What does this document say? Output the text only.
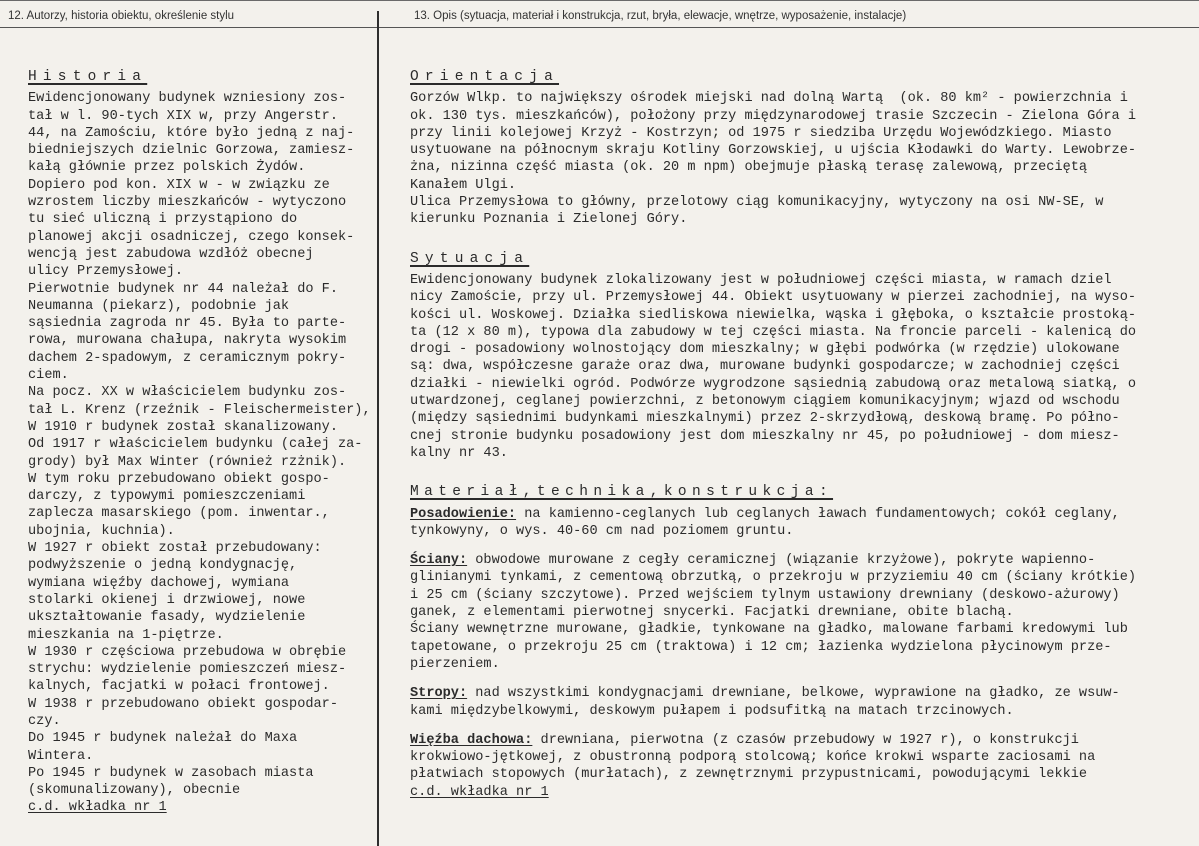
12. Autorzy, historia obiektu, określenie stylu	13. Opis (sytuacja, materiał i konstrukcja, rzut, bryła, elewacje, wnętrze, wyposażenie, instalacje)
Historia
Ewidencjonowany budynek wzniesiony zos-
tał w l. 90-tych XIX w, przy Angerstr.
44, na Zamościu, które było jedną z naj-
biedniejszych dzielnic Gorzowa, zamiesz-
kałą głównie przez polskich Żydów.
Dopiero pod kon. XIX w - w związku ze
wzrostem liczby mieszkańców - wytyczono
tu sieć uliczną i przystąpiono do
planowej akcji osadniczej, czego konsek-
wencją jest zabudowa wzdłóż obecnej
ulicy Przemysłowej.
Pierwotnie budynek nr 44 należał do F.
Neumanna (piekarz), podobnie jak
sąsiednia zagroda nr 45. Była to parte-
rowa, murowana chałupa, nakryta wysokim
dachem 2-spadowym, z ceramicznym pokry-
ciem.
Na pocz. XX w właścicielem budynku zos-
tał L. Krenz (rzeźnik - Fleischermeister),
W 1910 r budynek został skanalizowany.
Od 1917 r właścicielem budynku (całej za-
grody) był Max Winter (również rzżnik).
W tym roku przebudowano obiekt gospo-
darczy, z typowymi pomieszczeniami
zaplecza masarskiego (pom. inwentar.,
ubojnia, kuchnia).
W 1927 r obiekt został przebudowany:
podwyższenie o jedną kondygnację,
wymiana więźby dachowej, wymiana
stolarki okienej i drzwiowej, nowe
ukształtowanie fasady, wydzielenie
mieszkania na 1-piętrze.
W 1930 r częściowa przebudowa w obrębie
strychu: wydzielenie pomieszczeń miesz-
kalnych, facjatki w połaci frontowej.
W 1938 r przebudowano obiekt gospodar-
czy.
Do 1945 r budynek należał do Maxa
Wintera.
Po 1945 r budynek w zasobach miasta
(skomunalizowany), obecnie
c.d. wkładka nr 1
Orientacja
Gorzów Wlkp. to największy ośrodek miejski nad dolną Wartą  (ok. 80 km² - powierzchnia i
ok. 130 tys. mieszkańców), położony przy międzynarodowej trasie Szczecin - Zielona Góra i
przy linii kolejowej Krzyż - Kostrzyn; od 1975 r siedziba Urzędu Wojewódzkiego. Miasto
usytuowane na północnym skraju Kotliny Gorzowskiej, u ujścia Kłodawki do Warty. Lewobrze-
żna, nizinna część miasta (ok. 20 m npm) obejmuje płaską terasę zalewową, przeciętą
Kanałem Ulgi.
Ulica Przemysłowa to główny, przelotowy ciąg komunikacyjny, wytyczony na osi NW-SE, w
kierunku Poznania i Zielonej Góry.
Sytuacja
Ewidencjonowany budynek zlokalizowany jest w południowej części miasta, w ramach dziel
nicy Zamoście, przy ul. Przemysłowej 44. Obiekt usytuowany w pierzei zachodniej, na wyso-
kości ul. Woskowej. Działka siedliskowa niewielka, wąska i głęboka, o kształcie prostoką-
ta (12 x 80 m), typowa dla zabudowy w tej części miasta. Na froncie parceli - kalenicą do
drogi - posadowiony wolnostojący dom mieszkalny; w głębi podwórka (w rzędzie) ulokowane
są: dwa, współczesne garaże oraz dwa, murowane budynki gospodarcze; w zachodniej części
działki - niewielki ogród. Podwórze wygrodzone sąsiednią zabudową oraz metalową siatką, o
utwardzonej, ceglanej powierzchni, z betonowym ciągiem komunikacyjnym; wjazd od wschodu
(między sąsiednimi budynkami mieszkalnymi) przez 2-skrzydłową, deskową bramę. Po półno-
cnej stronie budynku posadowiony jest dom mieszkalny nr 45, po południowej - dom miesz-
kalny nr 43.
Materiał,technika,konstrukcja:
Posadowienie: na kamienno-ceglanych lub ceglanych ławach fundamentowych; cokół ceglany,
tynkowyny, o wys. 40-60 cm nad poziomem gruntu.
Ściany: obwodowe murowane z cegły ceramicznej (wiązanie krzyżowe), pokryte wapienno-
glinianymi tynkami, z cementową obrzutką, o przekroju w przyziemiu 40 cm (ściany krótkie)
i 25 cm (ściany szczytowe). Przed wejściem tylnym ustawiony drewniany (deskowo-ażurowy)
ganek, z elementami pierwotnej snycerki. Facjatki drewniane, obite blachą.
Ściany wewnętrzne murowane, gładkie, tynkowane na gładko, malowane farbami kredowymi lub
tapetowane, o przekroju 25 cm (traktowa) i 12 cm; łazienka wydzielona płycinowym prze-
pierzeniem.
Stropy: nad wszystkimi kondygnacjami drewniane, belkowe, wyprawione na gładko, ze wsuw-
kami międzybelkowymi, deskowym pułapem i podsufitką na matach trzcinowych.
Więźba dachowa: drewniana, pierwotna (z czasów przebudowy w 1927 r), o konstrukcji
krokwiowo-jętkowej, z obustronną podporą stolcową; końce krokwi wsparte zaciosami na
płatwiach stopowych (murłatach), z zewnętrznymi przypustnicami, powodującymi lekkie
c.d. wkładka nr 1
